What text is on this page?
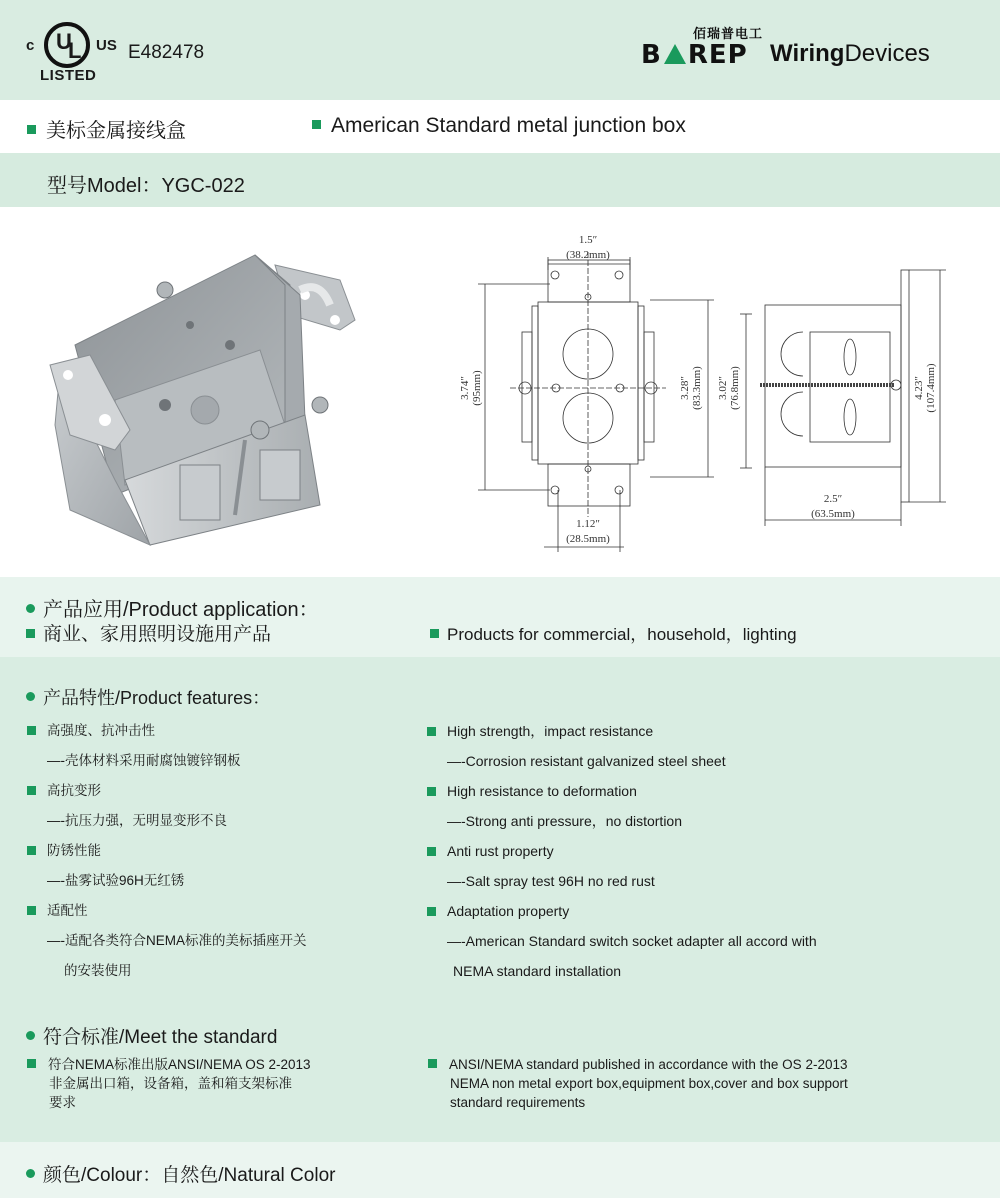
c U
L US
LISTED
E482478
佰瑞普电工
B REP WiringDevices
美标金属接线盒	American Standard metal junction box
型号Model：YGC-022
1.5″
(38.2mm)
3.74″ (95mm)	3.28″ (83.3mm) 3.02″ (76.8mm)
1.12″
(28.5mm)
4.23″ (107.4mm)
2.5″
(63.5mm)
产品应用/Product application：
商业、家用照明设施用产品	Products for commercial，household，lighting
产品特性/Product features：
高强度、抗冲击性
—-壳体材料采用耐腐蚀镀锌钢板
高抗变形
—-抗压力强，无明显变形不良
防锈性能
—-盐雾试验96H无红锈
适配性
—-适配各类符合NEMA标准的美标插座开关
的安装使用
High strength，impact resistance
—-Corrosion resistant galvanized steel sheet
High resistance to deformation
—-Strong anti pressure，no distortion
Anti rust property
—-Salt spray test 96H no red rust
Adaptation property
—-American Standard switch socket adapter all accord with
NEMA standard installation
符合标准/Meet the standard
符合NEMA标准出版ANSI/NEMA OS 2-2013
非金属出口箱，设备箱，盖和箱支架标准
要求
ANSI/NEMA standard published in accordance with the OS 2-2013
NEMA non metal export box,equipment box,cover and box support
standard requirements
颜色/Colour：自然色/Natural Color
